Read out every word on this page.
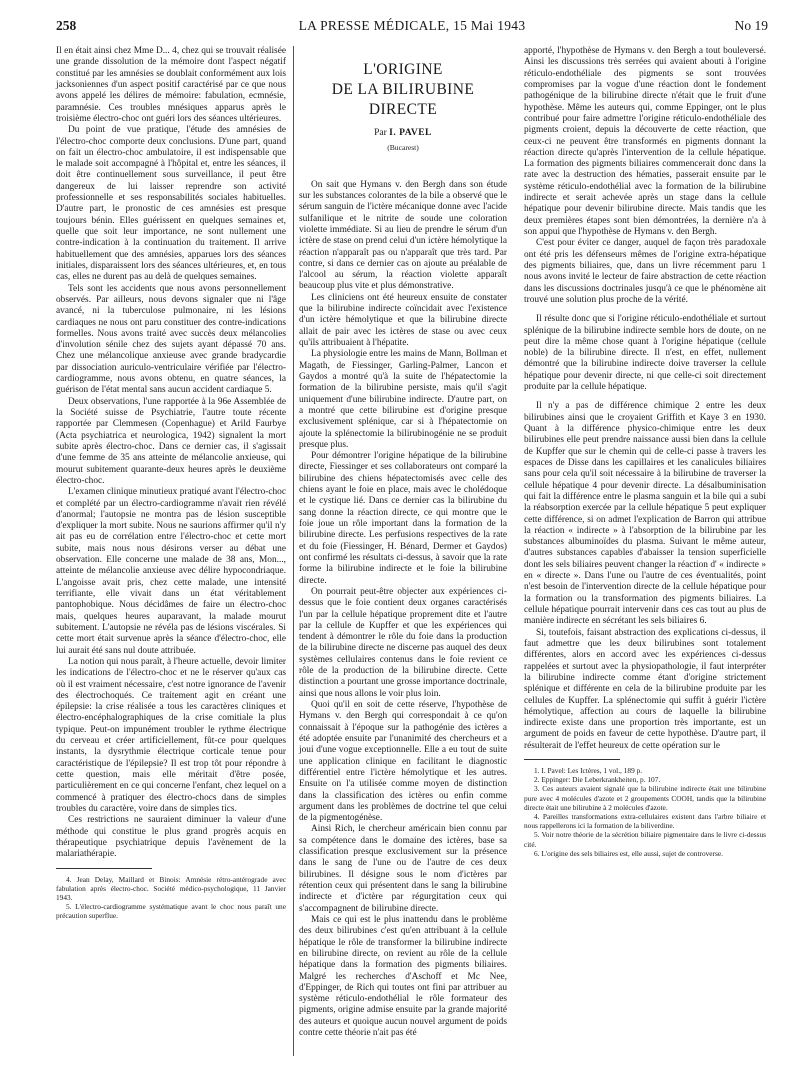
258	LA PRESSE MÉDICALE, 15 Mai 1943	No 19

Il en était ainsi chez Mme D... 4, chez qui se trouvait réalisée une grande dissolution de la mémoire dont l'aspect négatif constitué par les amnésies se doublait conformément aux lois jacksoniennes d'un aspect positif caractérisé par ce que nous avons appelé les délires de mémoire: fabulation, ecmnésie, paramnésie. Ces troubles mnésiques apparus après le troisième électro-choc ont guéri lors des séances ultérieures.

Du point de vue pratique, l'étude des amnésies de l'électro-choc comporte deux conclusions. D'une part, quand on fait un électro-choc ambulatoire, il est indispensable que le malade soit accompagné à l'hôpital et, entre les séances, il doit être continuellement sous surveillance, il peut être dangereux de lui laisser reprendre son activité professionnelle et ses responsabilités sociales habituelles. D'autre part, le pronostic de ces amnésies est presque toujours bénin. Elles guérissent en quelques semaines et, quelle que soit leur importance, ne sont nullement une contre-indication à la continuation du traitement. Il arrive habituellement que des amnésies, apparues lors des séances initiales, disparaissent lors des séances ultérieures, et, en tous cas, elles ne durent pas au delà de quelques semaines.

Tels sont les accidents que nous avons personnellement observés. Par ailleurs, nous devons signaler que ni l'âge avancé, ni la tuberculose pulmonaire, ni les lésions cardiaques ne nous ont paru constituer des contre-indications formelles. Nous avons traité avec succès deux mélancolies d'involution sénile chez des sujets ayant dépassé 70 ans. Chez une mélancolique anxieuse avec grande bradycardie par dissociation auriculo-ventriculaire vérifiée par l'électro-cardiogramme, nous avons obtenu, en quatre séances, la guérison de l'état mental sans aucun accident cardiaque 5.

Deux observations, l'une rapportée à la 96e Assemblée de la Société suisse de Psychiatrie, l'autre toute récente rapportée par Clemmesen (Copenhague) et Arild Faurbye (Acta psychiatrica et neurologica, 1942) signalent la mort subite après électro-choc. Dans ce dernier cas, il s'agissait d'une femme de 35 ans atteinte de mélancolie anxieuse, qui mourut subitement quarante-deux heures après le deuxième électro-choc.

L'examen clinique minutieux pratiqué avant l'électro-choc et complété par un électro-cardiogramme n'avait rien révélé d'anormal; l'autopsie ne montra pas de lésion susceptible d'expliquer la mort subite. Nous ne saurions affirmer qu'il n'y ait pas eu de corrélation entre l'électro-choc et cette mort subite, mais nous nous désirons verser au débat une observation. Elle concerne une malade de 38 ans, Mon..., atteinte de mélancolie anxieuse avec délire hypocondriaque. L'angoisse avait pris, chez cette malade, une intensité terrifiante, elle vivait dans un état véritablement pantophobique. Nous décidâmes de faire un électro-choc mais, quelques heures auparavant, la malade mourut subitement. L'autopsie ne révéla pas de lésions viscérales. Si cette mort était survenue après la séance d'électro-choc, elle lui aurait été sans nul doute attribuée.

La notion qui nous paraît, à l'heure actuelle, devoir limiter les indications de l'électro-choc et ne le réserver qu'aux cas où il est vraiment nécessaire, c'est notre ignorance de l'avenir des électrochoqués. Ce traitement agit en créant une épilepsie: la crise réalisée a tous les caractères cliniques et électro-encéphalographiques de la crise comitiale la plus typique. Peut-on impunément troubler le rythme électrique du cerveau et créer artificiellement, fût-ce pour quelques instants, la dysrythmie électrique corticale tenue pour caractéristique de l'épilepsie? Il est trop tôt pour répondre à cette question, mais elle méritait d'être posée, particulièrement en ce qui concerne l'enfant, chez lequel on a commencé à pratiquer des électro-chocs dans de simples troubles du caractère, voire dans de simples tics.

Ces restrictions ne sauraient diminuer la valeur d'une méthode qui constitue le plus grand progrès acquis en thérapeutique psychiatrique depuis l'avènement de la malariathérapie.

4. Jean Delay, Maillard et Binois: Amnésie rétro-antérograde avec fabulation après électro-choc. Société médico-psychologique, 11 Janvier 1943.

5. L'électro-cardiogramme systématique avant le choc nous paraît une précaution superflue.

L'ORIGINE
DE LA BILIRUBINE DIRECTE
Par I. PAVEL
(Bucarest)

On sait que Hymans v. den Bergh dans son étude sur les substances colorantes de la bile a observé que le sérum sanguin de l'ictère mécanique donne avec l'acide sulfanilique et le nitrite de soude une coloration violette immédiate. Si au lieu de prendre le sérum d'un ictère de stase on prend celui d'un ictère hémolytique la réaction n'apparaît pas ou n'apparaît que très tard. Par contre, si dans ce dernier cas on ajoute au préalable de l'alcool au sérum, la réaction violette apparaît beaucoup plus vite et plus démonstrative.

Les cliniciens ont été heureux ensuite de constater que la bilirubine indirecte coïncidait avec l'existence d'un ictère hémolytique et que la bilirubine directe allait de pair avec les ictères de stase ou avec ceux qu'ils attribuaient à l'hépatite.

La physiologie entre les mains de Mann, Bollman et Magath, de Fiessinger, Garling-Palmer, Lancon et Gaydos a montré qu'à la suite de l'hépatectomie la formation de la bilirubine persiste, mais qu'il s'agit uniquement d'une bilirubine indirecte. D'autre part, on a montré que cette bilirubine est d'origine presque exclusivement splénique, car si à l'hépatectomie on ajoute la splénectomie la bilirubinogénie ne se produit presque plus.

Pour démontrer l'origine hépatique de la bilirubine directe, Fiessinger et ses collaborateurs ont comparé la bilirubine des chiens hépatectomisés avec celle des chiens ayant le foie en place, mais avec le cholédoque et le cystique lié. Dans ce dernier cas la bilirubine du sang donne la réaction directe, ce qui montre que le foie joue un rôle important dans la formation de la bilirubine directe. Les perfusions respectives de la rate et du foie (Fiessinger, H. Bénard, Dermer et Gaydos) ont confirmé les résultats ci-dessus, à savoir que la rate forme la bilirubine indirecte et le foie la bilirubine directe.

On pourrait peut-être objecter aux expériences ci-dessus que le foie contient deux organes caractérisés l'un par la cellule hépatique proprement dite et l'autre par la cellule de Kupffer et que les expériences qui tendent à démontrer le rôle du foie dans la production de la bilirubine directe ne discerne pas auquel des deux systèmes cellulaires contenus dans le foie revient ce rôle de la production de la bilirubine directe. Cette distinction a pourtant une grosse importance doctrinale, ainsi que nous allons le voir plus loin.

Quoi qu'il en soit de cette réserve, l'hypothèse de Hymans v. den Bergh qui correspondait à ce qu'on connaissait à l'époque sur la pathogénie des ictères a été adoptée ensuite par l'unanimité des chercheurs et a joui d'une vogue exceptionnelle. Elle a eu tout de suite une application clinique en facilitant le diagnostic différentiel entre l'ictère hémolytique et les autres. Ensuite on l'a utilisée comme moyen de distinction dans la classification des ictères ou enfin comme argument dans les problèmes de doctrine tel que celui de la pigmentogénèse.

Ainsi Rich, le chercheur américain bien connu par sa compétence dans le domaine des ictères, base sa classification presque exclusivement sur la présence dans le sang de l'une ou de l'autre de ces deux bilirubines. Il désigne sous le nom d'ictères par rétention ceux qui présentent dans le sang la bilirubine indirecte et d'ictère par régurgitation ceux qui s'accompagnent de bilirubine directe.

Mais ce qui est le plus inattendu dans le problème des deux bilirubines c'est qu'en attribuant à la cellule hépatique le rôle de transformer la bilirubine indirecte en bilirubine directe, on revient au rôle de la cellule hépatique dans la formation des pigments biliaires. Malgré les recherches d'Aschoff et Mc Nee, d'Eppinger, de Rich qui toutes ont fini par attribuer au système réticulo-endothélial le rôle formateur des pigments, origine admise ensuite par la grande majorité des auteurs et quoique aucun nouvel argument de poids contre cette théorie n'ait pas été

apporté, l'hypothèse de Hymans v. den Bergh a tout bouleversé. Ainsi les discussions très serrées qui avaient abouti à l'origine réticulo-endothéliale des pigments se sont trouvées compromises par la vogue d'une réaction dont le fondement pathogénique de la bilirubine directe n'était que le fruit d'une hypothèse. Même les auteurs qui, comme Eppinger, ont le plus contribué pour faire admettre l'origine réticulo-endothéliale des pigments croient, depuis la découverte de cette réaction, que ceux-ci ne peuvent être transformés en pigments donnant la réaction directe qu'après l'intervention de la cellule hépatique. La formation des pigments biliaires commencerait donc dans la rate avec la destruction des hématies, passerait ensuite par le système réticulo-endothélial avec la formation de la bilirubine indirecte et serait achevée après un stage dans la cellule hépatique pour devenir bilirubine directe. Mais tandis que les deux premières étapes sont bien démontrées, la dernière n'a à son appui que l'hypothèse de Hymans v. den Bergh.

C'est pour éviter ce danger, auquel de façon très paradoxale ont été pris les défenseurs mêmes de l'origine extra-hépatique des pigments biliaires, que, dans un livre récemment paru 1 nous avons invité le lecteur de faire abstraction de cette réaction dans les discussions doctrinales jusqu'à ce que le phénomène ait trouvé une solution plus proche de la vérité.

Il résulte donc que si l'origine réticulo-endothéliale et surtout splénique de la bilirubine indirecte semble hors de doute, on ne peut dire la même chose quant à l'origine hépatique (cellule noble) de la bilirubine directe. Il n'est, en effet, nullement démontré que la bilirubine indirecte doive traverser la cellule hépatique pour devenir directe, ni que celle-ci soit directement produite par la cellule hépatique.

Il n'y a pas de différence chimique 2 entre les deux bilirubines ainsi que le croyaient Griffith et Kaye 3 en 1930. Quant à la différence physico-chimique entre les deux bilirubines elle peut prendre naissance aussi bien dans la cellule de Kupffer que sur le chemin qui de celle-ci passe à travers les espaces de Disse dans les capillaires et les canalicules biliaires sans pour cela qu'il soit nécessaire à la bilirubine de traverser la cellule hépatique 4 pour devenir directe. La désalbuminisation qui fait la différence entre le plasma sanguin et la bile qui a subi la réabsorption exercée par la cellule hépatique 5 peut expliquer cette différence, si on admet l'explication de Barron qui attribue la réaction « indirecte » à l'absorption de la bilirubine par les substances albuminoïdes du plasma. Suivant le même auteur, d'autres substances capables d'abaisser la tension superficielle dont les sels biliaires peuvent changer la réaction d' « indirecte » en « directe ». Dans l'une ou l'autre de ces éventualités, point n'est besoin de l'intervention directe de la cellule hépatique pour la formation ou la transformation des pigments biliaires. La cellule hépatique pourrait intervenir dans ces cas tout au plus de manière indirecte en sécrétant les sels biliaires 6.

Si, toutefois, faisant abstraction des explications ci-dessus, il faut admettre que les deux bilirubines sont totalement différentes, alors en accord avec les expériences ci-dessus rappelées et surtout avec la physiopathologie, il faut interpréter la bilirubine indirecte comme étant d'origine strictement splénique et différente en cela de la bilirubine produite par les cellules de Kupffer. La splénectomie qui suffit à guérir l'ictère hémolytique, affection au cours de laquelle la bilirubine indirecte existe dans une proportion très importante, est un argument de poids en faveur de cette hypothèse. D'autre part, il résulterait de l'effet heureux de cette opération sur le

1. I. Pavel: Les Ictères, 1 vol., 189 p.

2. Eppinger: Die Leberkrankheiten, p. 107.

3. Ces auteurs avaient signalé que la bilirubine indirecte était une bilirubine pure avec 4 molécules d'azote et 2 groupements COOH, tandis que la bilirubine directe était une bilirubine à 2 molécules d'azote.

4. Pareilles transformations extra-cellulaires existent dans l'arbre biliaire et nous rappellerons ici la formation de la biliverdine.

5. Voir notre théorie de la sécrétion biliaire pigmentaire dans le livre ci-dessus cité.

6. L'origine des sels biliaires est, elle aussi, sujet de controverse.
